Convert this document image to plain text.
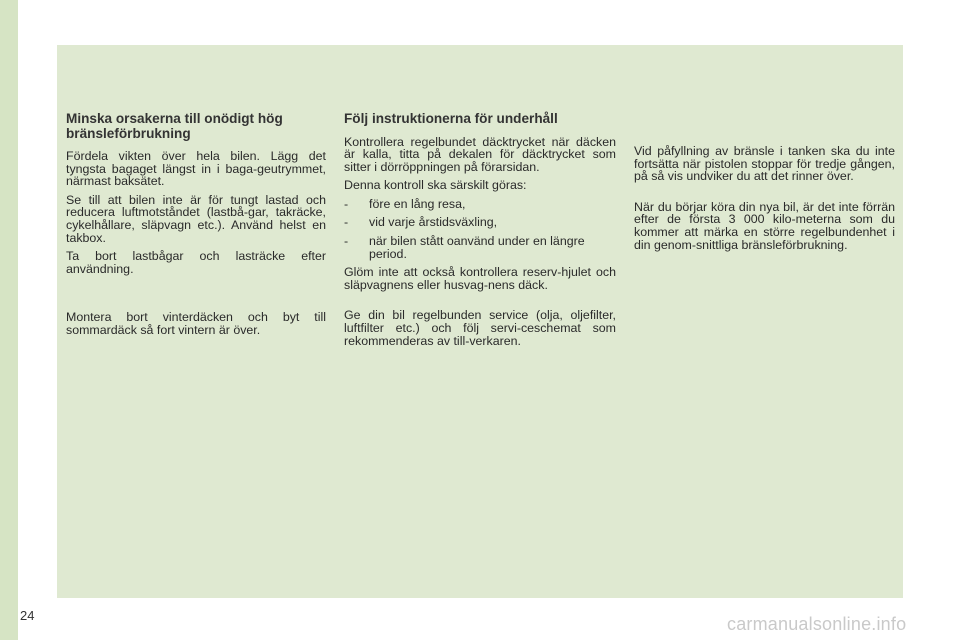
Minska orsakerna till onödigt hög bränsleförbrukning

Fördela vikten över hela bilen. Lägg det tyngsta bagaget längst in i baga-geutrymmet, närmast baksätet.

Se till att bilen inte är för tungt lastad och reducera luftmotståndet (lastbå-gar, takräcke, cykelhållare, släpvagn etc.). Använd helst en takbox.

Ta bort lastbågar och lasträcke efter användning.

Montera bort vinterdäcken och byt till sommardäck så fort vintern är över.

Följ instruktionerna för underhåll

Kontrollera regelbundet däcktrycket när däcken är kalla, titta på dekalen för däcktrycket som sitter i dörröppningen på förarsidan.

Denna kontroll ska särskilt göras:

- före en lång resa,
- vid varje årstidsväxling,
- när bilen stått oanvänd under en längre period.

Glöm inte att också kontrollera reserv-hjulet och släpvagnens eller husvag-nens däck.

Ge din bil regelbunden service (olja, oljefilter, luftfilter etc.) och följ servi-ceschemat som rekommenderas av till-verkaren.

Vid påfyllning av bränsle i tanken ska du inte fortsätta när pistolen stoppar för tredje gången, på så vis undviker du att det rinner över.

När du börjar köra din nya bil, är det inte förrän efter de första 3 000 kilo-meterna som du kommer att märka en större regelbundenhet i din genom-snittliga bränsleförbrukning.

24	carmanualsonline.info
